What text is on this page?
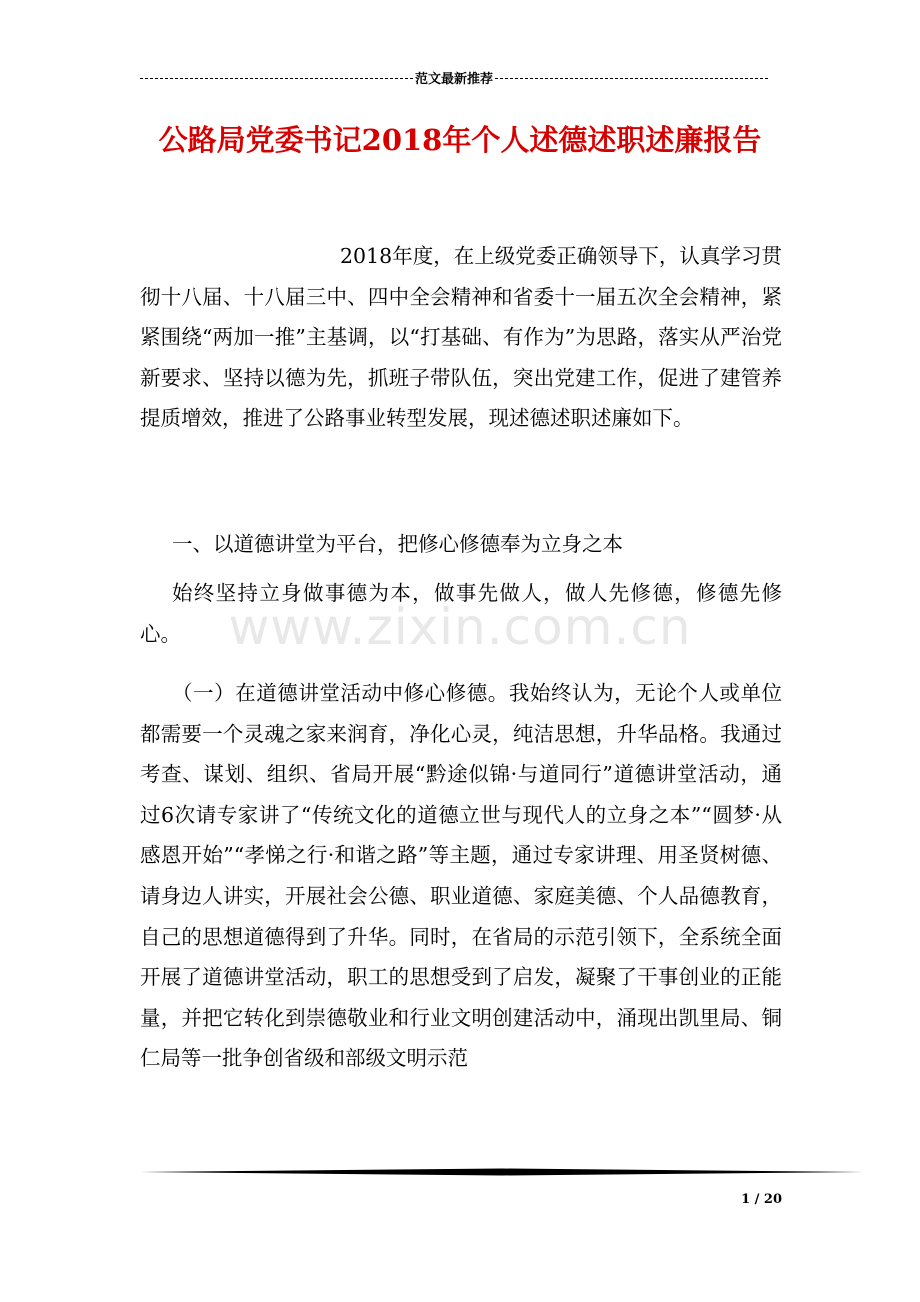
范文最新推荐
公路局党委书记2018年个人述德述职述廉报告

2018年度，在上级党委正确领导下，认真学习贯彻十八届、十八届三中、四中全会精神和省委十一届五次全会精神，紧紧围绕“两加一推”主基调，以“打基础、有作为”为思路，落实从严治党新要求、坚持以德为先，抓班子带队伍，突出党建工作，促进了建管养提质增效，推进了公路事业转型发展，现述德述职述廉如下。

一、以道德讲堂为平台，把修心修德奉为立身之本

始终坚持立身做事德为本，做事先做人，做人先修德，修德先修心。

（一）在道德讲堂活动中修心修德。我始终认为，无论个人或单位都需要一个灵魂之家来润育，净化心灵，纯洁思想，升华品格。我通过考查、谋划、组织、省局开展“黔途似锦·与道同行”道德讲堂活动，通过6次请专家讲了“传统文化的道德立世与现代人的立身之本”“圆梦·从感恩开始”“孝悌之行·和谐之路”等主题，通过专家讲理、用圣贤树德、请身边人讲实，开展社会公德、职业道德、家庭美德、个人品德教育，自己的思想道德得到了升华。同时，在省局的示范引领下，全系统全面开展了道德讲堂活动，职工的思想受到了启发，凝聚了干事创业的正能量，并把它转化到崇德敬业和行业文明创建活动中，涌现出凯里局、铜仁局等一批争创省级和部级文明示范

www.zixin.com.cn
1 / 20
